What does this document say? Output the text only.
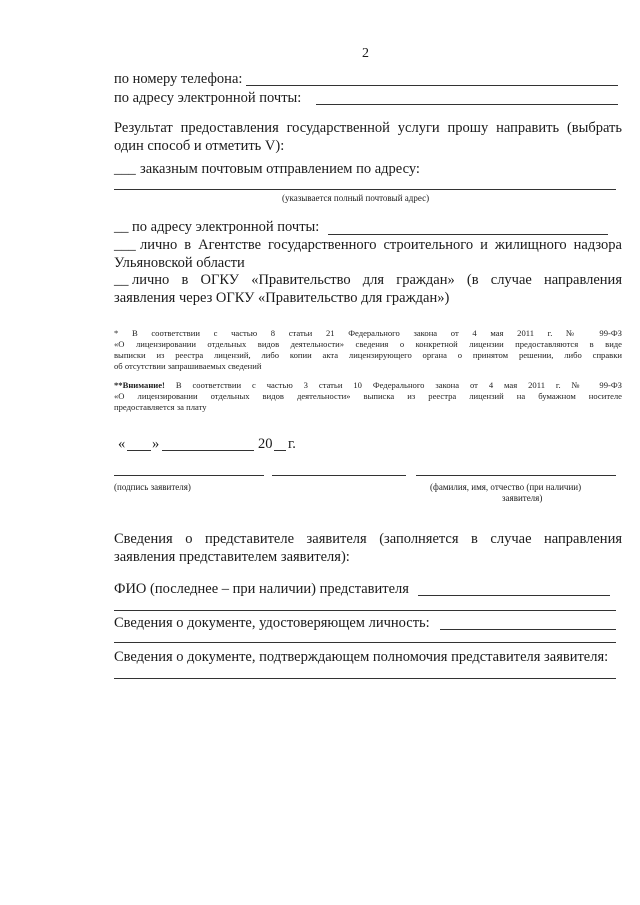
2
по номеру телефона:
по адресу электронной почты:
Результат предоставления государственной услуги прошу направить (выбрать
один способ и отметить V):
___ заказным почтовым отправлением по адресу:
(указывается полный почтовый адрес)
__ по адресу электронной почты:
___ лично в Агентстве государственного строительного и жилищного надзора
Ульяновской области
__ лично в ОГКУ «Правительство для граждан» (в случае направления
заявления через ОГКУ «Правительство для граждан»)
* В соответствии с частью 8 статьи 21 Федерального закона от 4 мая 2011 г. № 99-ФЗ
«О лицензировании отдельных видов деятельности» сведения о конкретной лицензии предоставляются в виде
выписки из реестра лицензий, либо копии акта лицензирующего органа о принятом решении, либо справки
об отсутствии запрашиваемых сведений
**Внимание! В соответствии с частью 3 статьи 10 Федерального закона от 4 мая 2011 г. № 99-ФЗ
«О лицензировании отдельных видов деятельности» выписка из реестра лицензий на бумажном носителе
предоставляется за плату
« »	20 г.
(подпись заявителя)	(фамилия, имя, отчество (при наличии)
заявителя)
Сведения о представителе заявителя (заполняется в случае направления
заявления представителем заявителя):
ФИО (последнее – при наличии) представителя
Сведения о документе, удостоверяющем личность:
Сведения о документе, подтверждающем полномочия представителя заявителя:
